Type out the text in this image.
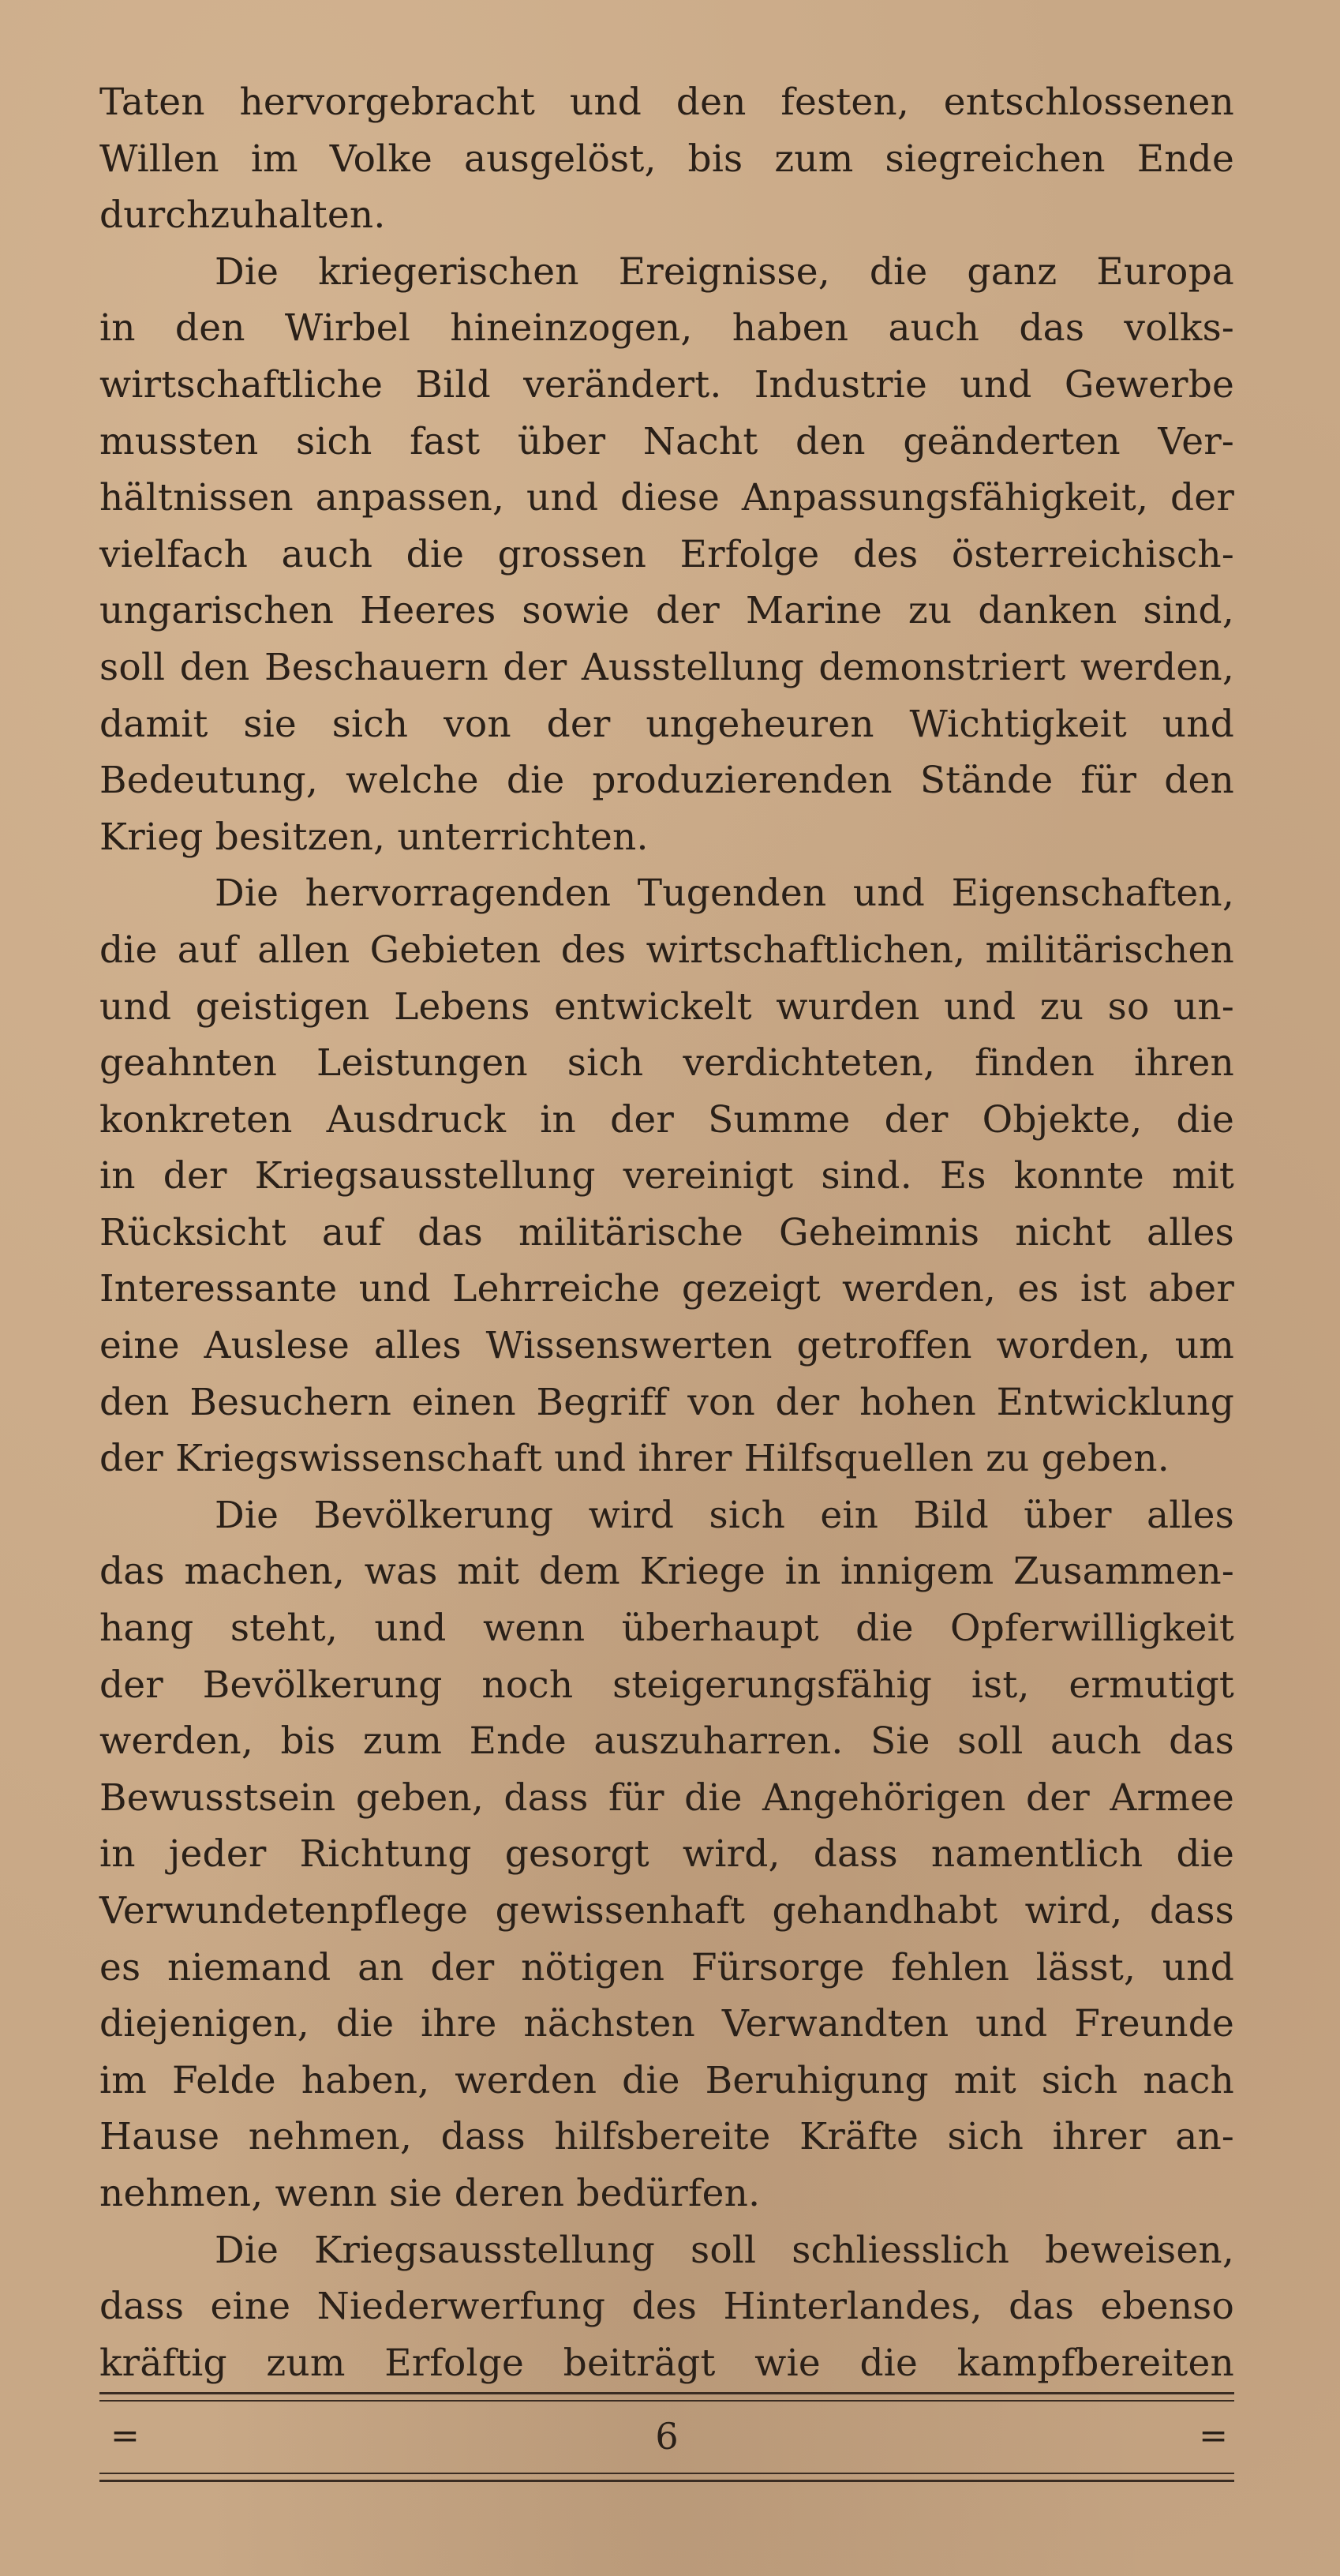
Taten hervorgebracht und den festen, entschlossenen
Willen im Volke ausgelöst, bis zum siegreichen Ende
durchzuhalten.
Die kriegerischen Ereignisse, die ganz Europa
in den Wirbel hineinzogen, haben auch das volks-
wirtschaftliche Bild verändert. Industrie und Gewerbe
mussten sich fast über Nacht den geänderten Ver-
hältnissen anpassen, und diese Anpassungsfähigkeit, der
vielfach auch die grossen Erfolge des österreichisch-
ungarischen Heeres sowie der Marine zu danken sind,
soll den Beschauern der Ausstellung demonstriert werden,
damit sie sich von der ungeheuren Wichtigkeit und
Bedeutung, welche die produzierenden Stände für den
Krieg besitzen, unterrichten.
Die hervorragenden Tugenden und Eigenschaften,
die auf allen Gebieten des wirtschaftlichen, militärischen
und geistigen Lebens entwickelt wurden und zu so un-
geahnten Leistungen sich verdichteten, finden ihren
konkreten Ausdruck in der Summe der Objekte, die
in der Kriegsausstellung vereinigt sind. Es konnte mit
Rücksicht auf das militärische Geheimnis nicht alles
Interessante und Lehrreiche gezeigt werden, es ist aber
eine Auslese alles Wissenswerten getroffen worden, um
den Besuchern einen Begriff von der hohen Entwicklung
der Kriegswissenschaft und ihrer Hilfsquellen zu geben.
Die Bevölkerung wird sich ein Bild über alles
das machen, was mit dem Kriege in innigem Zusammen-
hang steht, und wenn überhaupt die Opferwilligkeit
der Bevölkerung noch steigerungsfähig ist, ermutigt
werden, bis zum Ende auszuharren. Sie soll auch das
Bewusstsein geben, dass für die Angehörigen der Armee
in jeder Richtung gesorgt wird, dass namentlich die
Verwundetenpflege gewissenhaft gehandhabt wird, dass
es niemand an der nötigen Fürsorge fehlen lässt, und
diejenigen, die ihre nächsten Verwandten und Freunde
im Felde haben, werden die Beruhigung mit sich nach
Hause nehmen, dass hilfsbereite Kräfte sich ihrer an-
nehmen, wenn sie deren bedürfen.
Die Kriegsausstellung soll schliesslich beweisen,
dass eine Niederwerfung des Hinterlandes, das ebenso
kräftig zum Erfolge beiträgt wie die kampfbereiten
=	6	=
